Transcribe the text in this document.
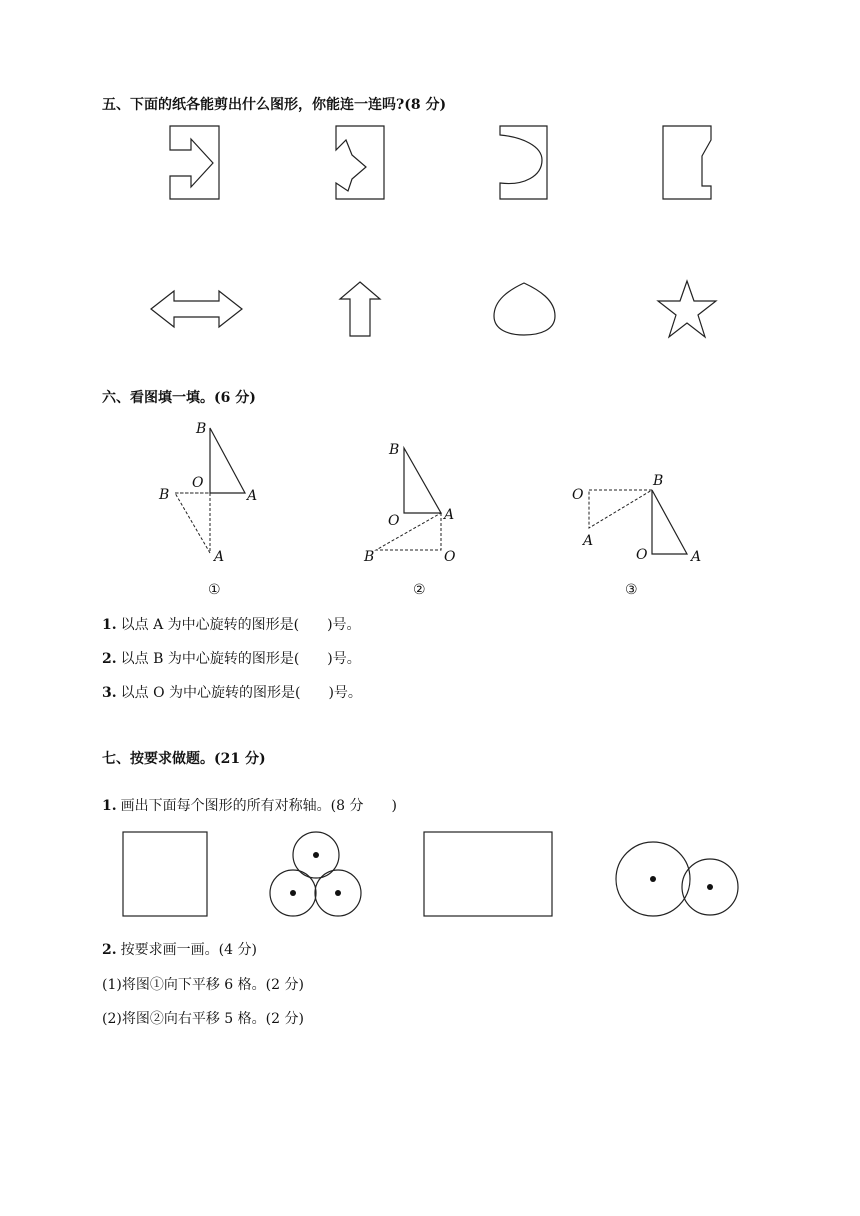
五、下面的纸各能剪出什么图形，你能连一连吗?(8 分)
B
O
A
B
A
①
B
O	A
B	O
②
O
B
A
O	A
③
六、看图填一填。(6 分)
1. 以点 A 为中心旋转的图形是(　　)号。
2. 以点 B 为中心旋转的图形是(　　)号。
3. 以点 O 为中心旋转的图形是(　　)号。
七、按要求做题。(21 分)
1. 画出下面每个图形的所有对称轴。(8 分　　)
2. 按要求画一画。(4 分)
(1)将图①向下平移 6 格。(2 分)
(2)将图②向右平移 5 格。(2 分)
